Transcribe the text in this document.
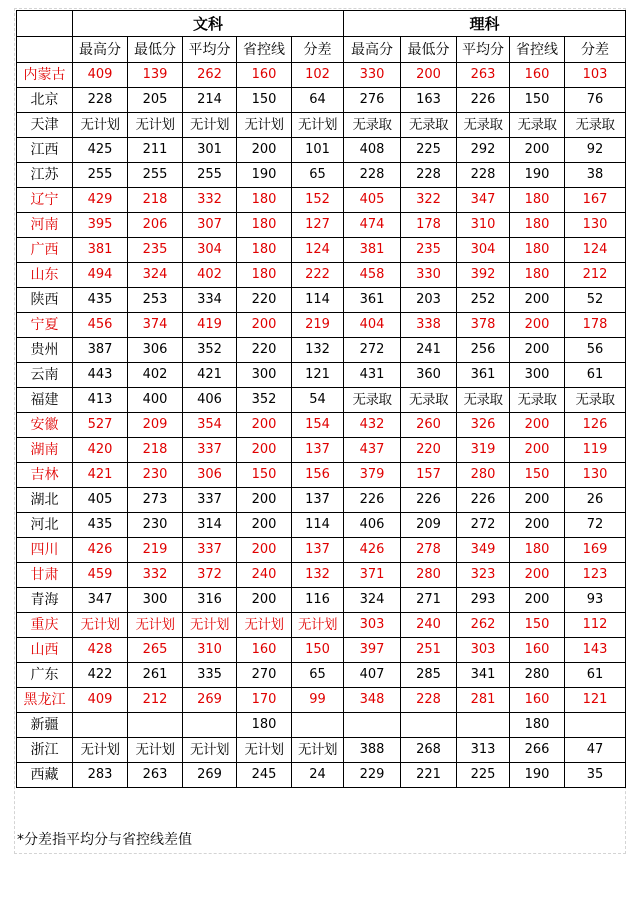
	文科					理科				
	最高分	最低分	平均分	省控线	分差	最高分	最低分	平均分	省控线	分差
内蒙古	409	139	262	160	102	330	200	263	160	103
北京	228	205	214	150	64	276	163	226	150	76
天津	无计划	无计划	无计划	无计划	无计划	无录取	无录取	无录取	无录取	无录取
江西	425	211	301	200	101	408	225	292	200	92
江苏	255	255	255	190	65	228	228	228	190	38
辽宁	429	218	332	180	152	405	322	347	180	167
河南	395	206	307	180	127	474	178	310	180	130
广西	381	235	304	180	124	381	235	304	180	124
山东	494	324	402	180	222	458	330	392	180	212
陕西	435	253	334	220	114	361	203	252	200	52
宁夏	456	374	419	200	219	404	338	378	200	178
贵州	387	306	352	220	132	272	241	256	200	56
云南	443	402	421	300	121	431	360	361	300	61
福建	413	400	406	352	54	无录取	无录取	无录取	无录取	无录取
安徽	527	209	354	200	154	432	260	326	200	126
湖南	420	218	337	200	137	437	220	319	200	119
吉林	421	230	306	150	156	379	157	280	150	130
湖北	405	273	337	200	137	226	226	226	200	26
河北	435	230	314	200	114	406	209	272	200	72
四川	426	219	337	200	137	426	278	349	180	169
甘肃	459	332	372	240	132	371	280	323	200	123
青海	347	300	316	200	116	324	271	293	200	93
重庆	无计划	无计划	无计划	无计划	无计划	303	240	262	150	112
山西	428	265	310	160	150	397	251	303	160	143
广东	422	261	335	270	65	407	285	341	280	61
黑龙江	409	212	269	170	99	348	228	281	160	121
新疆				180					180	
浙江	无计划	无计划	无计划	无计划	无计划	388	268	313	266	47
西藏	283	263	269	245	24	229	221	225	190	35
*分差指平均分与省控线差值
